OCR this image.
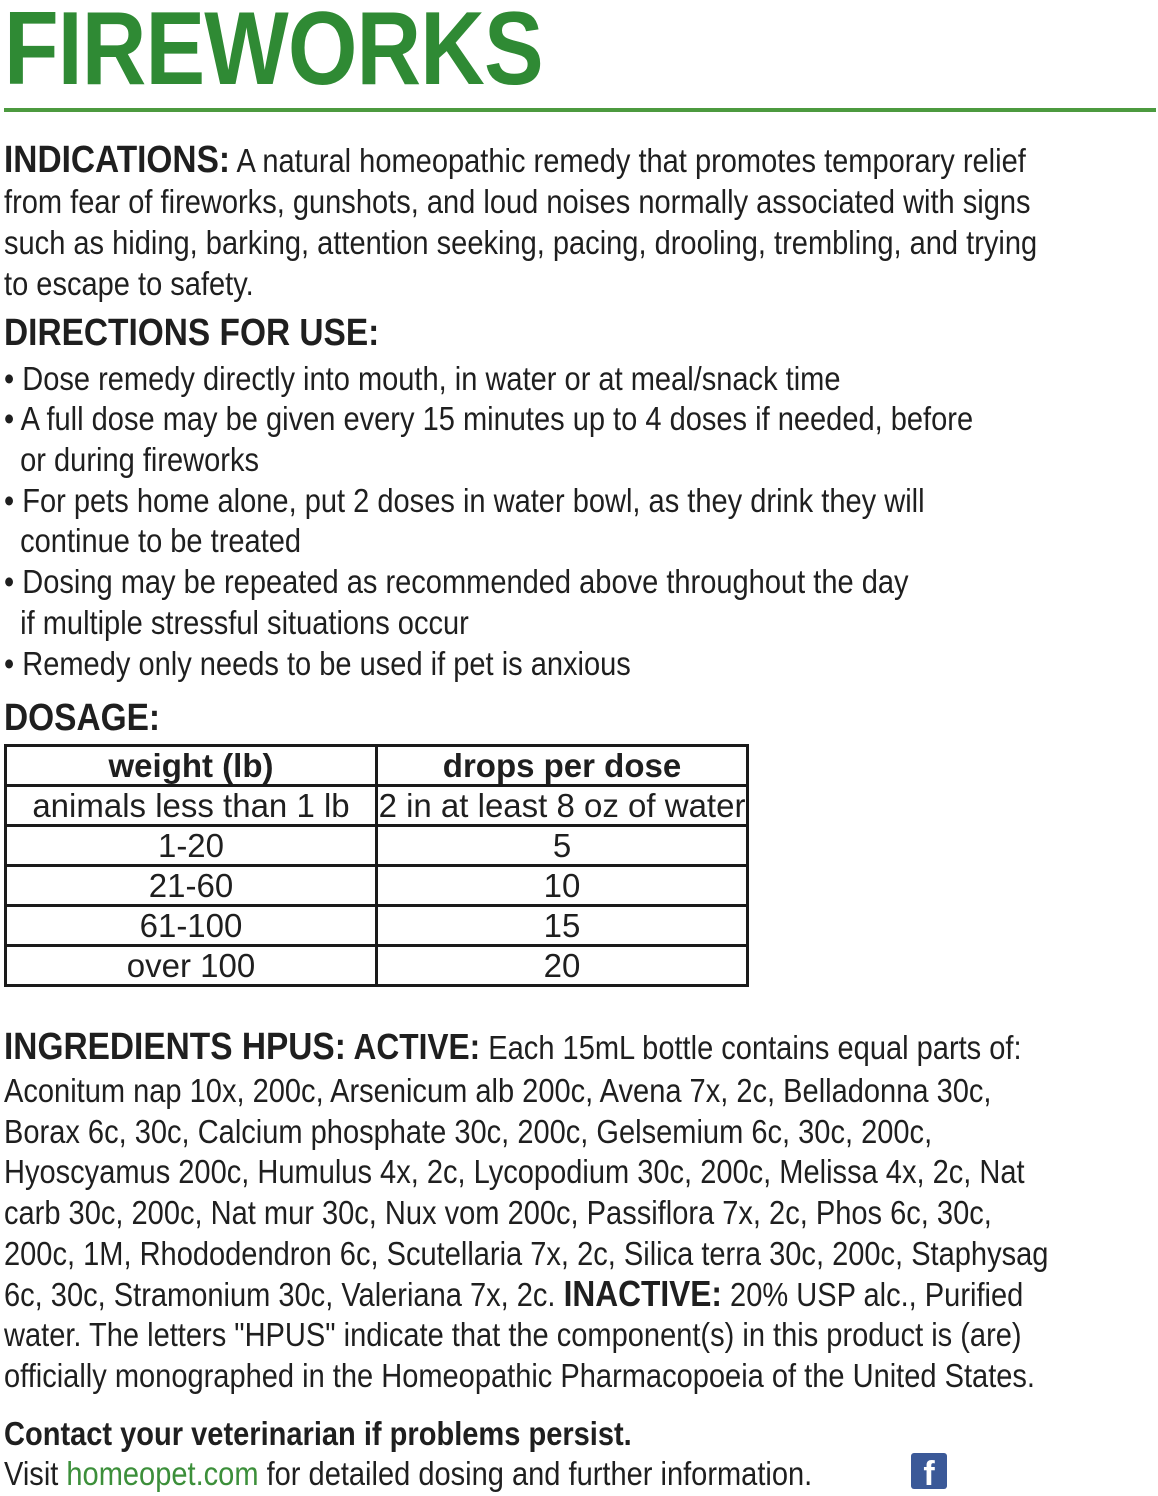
FIREWORKS
INDICATIONS: A natural homeopathic remedy that promotes temporary relief
from fear of fireworks, gunshots, and loud noises normally associated with signs
such as hiding, barking, attention seeking, pacing, drooling, trembling, and trying
to escape to safety.
DIRECTIONS FOR USE:
• Dose remedy directly into mouth, in water or at meal/snack time
• A full dose may be given every 15 minutes up to 4 doses if needed, before
or during fireworks
• For pets home alone, put 2 doses in water bowl, as they drink they will
continue to be treated
• Dosing may be repeated as recommended above throughout the day
if multiple stressful situations occur
• Remedy only needs to be used if pet is anxious
DOSAGE:
weight (lb)	drops per dose
animals less than 1 lb	2 in at least 8 oz of water
1-20	5
21-60	10
61-100	15
over 100	20
INGREDIENTS HPUS: ACTIVE: Each 15mL bottle contains equal parts of:
Aconitum nap 10x, 200c, Arsenicum alb 200c, Avena 7x, 2c, Belladonna 30c,
Borax 6c, 30c, Calcium phosphate 30c, 200c, Gelsemium 6c, 30c, 200c,
Hyoscyamus 200c, Humulus 4x, 2c, Lycopodium 30c, 200c, Melissa 4x, 2c, Nat
carb 30c, 200c, Nat mur 30c, Nux vom 200c, Passiflora 7x, 2c, Phos 6c, 30c,
200c, 1M, Rhododendron 6c, Scutellaria 7x, 2c, Silica terra 30c, 200c, Staphysag
6c, 30c, Stramonium 30c, Valeriana 7x, 2c. INACTIVE: 20% USP alc., Purified
water. The letters "HPUS" indicate that the component(s) in this product is (are)
officially monographed in the Homeopathic Pharmacopoeia of the United States.
Contact your veterinarian if problems persist.
Visit homeopet.com for detailed dosing and further information.	f
